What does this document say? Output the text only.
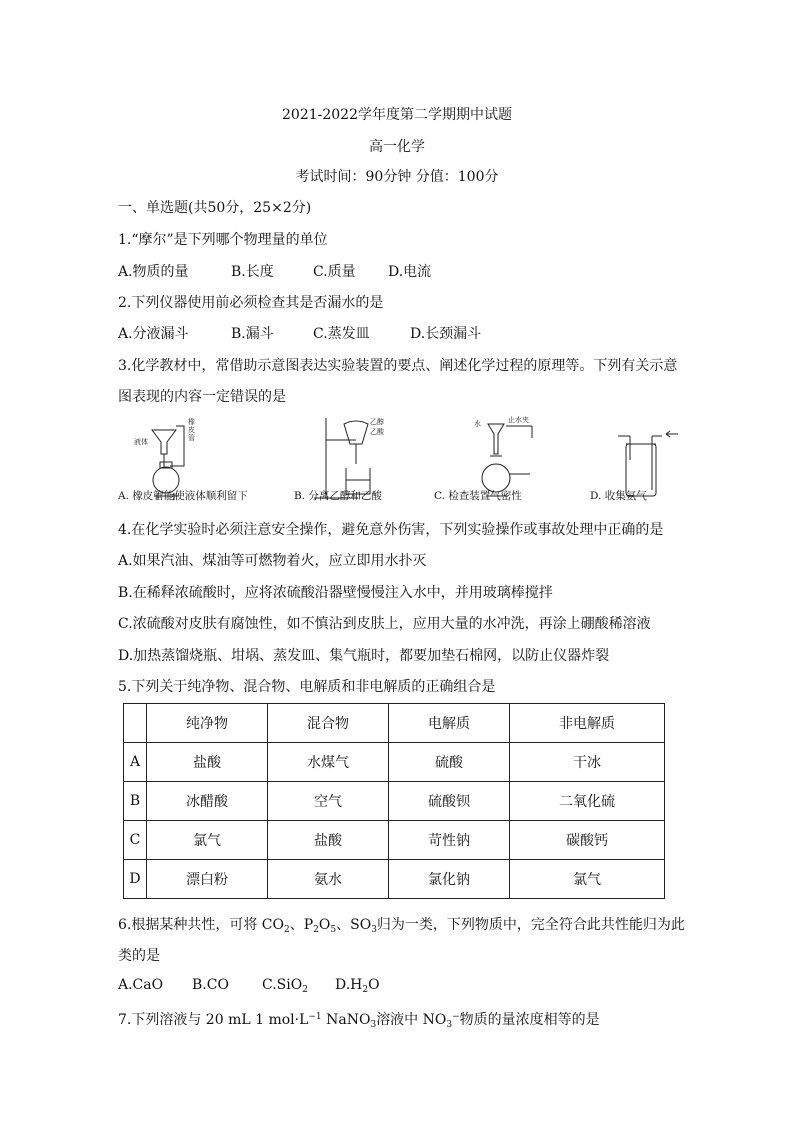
2021-2022学年度第二学期期中试题
高一化学
考试时间：90分钟 分值：100分
一、单选题(共50分，25×2分)
1.“摩尔”是下列哪个物理量的单位
A.物质的量	B.长度	C.质量 D.电流
2.下列仪器使用前必须检查其是否漏水的是
A.分液漏斗	B.漏斗	C.蒸发皿	D.长颈漏斗
3.化学教材中，常借助示意图表达实验装置的要点、阐述化学过程的原理等。下列有关示意
图表现的内容一定错误的是
液体
橡
皮
管
乙醇
乙酸
水	止水夹
A. 橡皮管能使液体顺利留下	B. 分离乙醇和乙酸	C. 检查装置气密性	D. 收集氨气
4.在化学实验时必须注意安全操作，避免意外伤害，下列实验操作或事故处理中正确的是
A.如果汽油、煤油等可燃物着火，应立即用水扑灭
B.在稀释浓硫酸时，应将浓硫酸沿器壁慢慢注入水中，并用玻璃棒搅拌
C.浓硫酸对皮肤有腐蚀性，如不慎沾到皮肤上，应用大量的水冲洗，再涂上硼酸稀溶液
D.加热蒸馏烧瓶、坩埚、蒸发皿、集气瓶时，都要加垫石棉网，以防止仪器炸裂
5.下列关于纯净物、混合物、电解质和非电解质的正确组合是
	纯净物	混合物	电解质	非电解质
A	盐酸	水煤气	硫酸	干冰
B	冰醋酸	空气	硫酸钡	二氧化硫
C	氯气	盐酸	苛性钠	碳酸钙
D	漂白粉	氨水	氯化钠	氯气
6.根据某种共性，可将 $CO_2$、$P_2O_5$、$SO_3$归为一类，下列物质中，完全符合此共性能归为此
类的是
A.CaO B.CO C.SiO$_2$ $D.H_2O$
7.下列溶液与 20 mL 1 $mol\cdot L^{-1}$ NaNO$_3$溶液中 $NO_3^-$物质的量浓度相等的是
